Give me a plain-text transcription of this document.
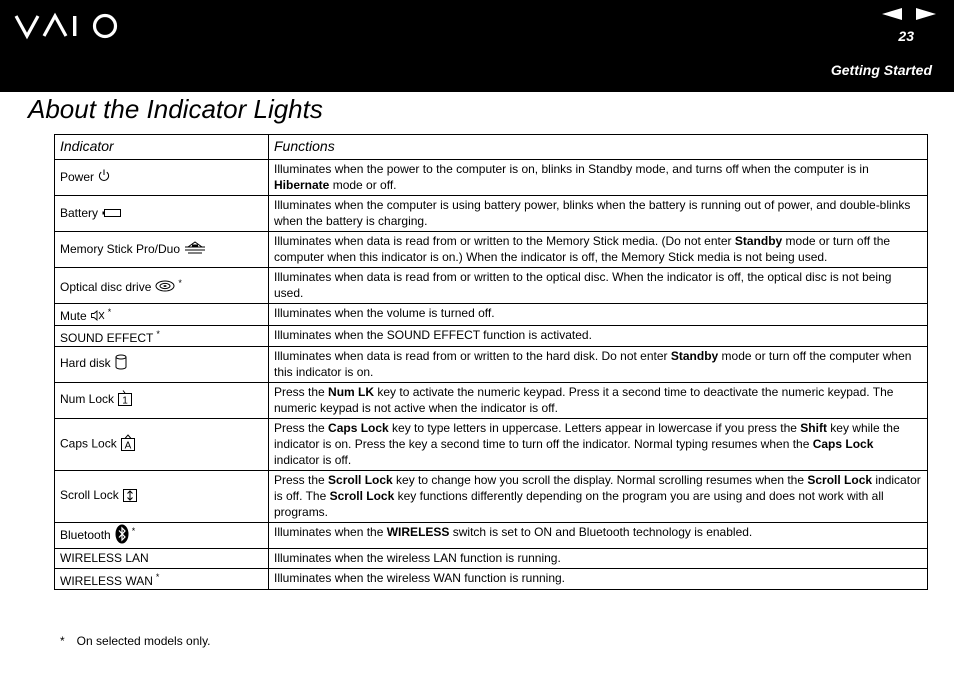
23
Getting Started
About the Indicator Lights
Indicator	Functions
Power	Illuminates when the power to the computer is on, blinks in Standby mode, and turns off when the computer is in Hibernate mode or off.
Battery	Illuminates when the computer is using battery power, blinks when the battery is running out of power, and double-blinks when the battery is charging.
Memory Stick Pro/Duo	Illuminates when data is read from or written to the Memory Stick media. (Do not enter Standby mode or turn off the computer when this indicator is on.) When the indicator is off, the Memory Stick media is not being used.
Optical disc drive *	Illuminates when data is read from or written to the optical disc. When the indicator is off, the optical disc is not being used.
Mute *	Illuminates when the volume is turned off.
SOUND EFFECT *	Illuminates when the SOUND EFFECT function is activated.
Hard disk	Illuminates when data is read from or written to the hard disk. Do not enter Standby mode or turn off the computer when this indicator is on.
Num Lock 1	Press the Num LK key to activate the numeric keypad. Press it a second time to deactivate the numeric keypad. The numeric keypad is not active when the indicator is off.
Caps Lock A	Press the Caps Lock key to type letters in uppercase. Letters appear in lowercase if you press the Shift key while the indicator is on. Press the key a second time to turn off the indicator. Normal typing resumes when the Caps Lock indicator is off.
Scroll Lock	Press the Scroll Lock key to change how you scroll the display. Normal scrolling resumes when the Scroll Lock indicator is off. The Scroll Lock key functions differently depending on the program you are using and does not work with all programs.
Bluetooth *	Illuminates when the WIRELESS switch is set to ON and Bluetooth technology is enabled.
WIRELESS LAN	Illuminates when the wireless LAN function is running.
WIRELESS WAN *	Illuminates when the wireless WAN function is running.
* On selected models only.
